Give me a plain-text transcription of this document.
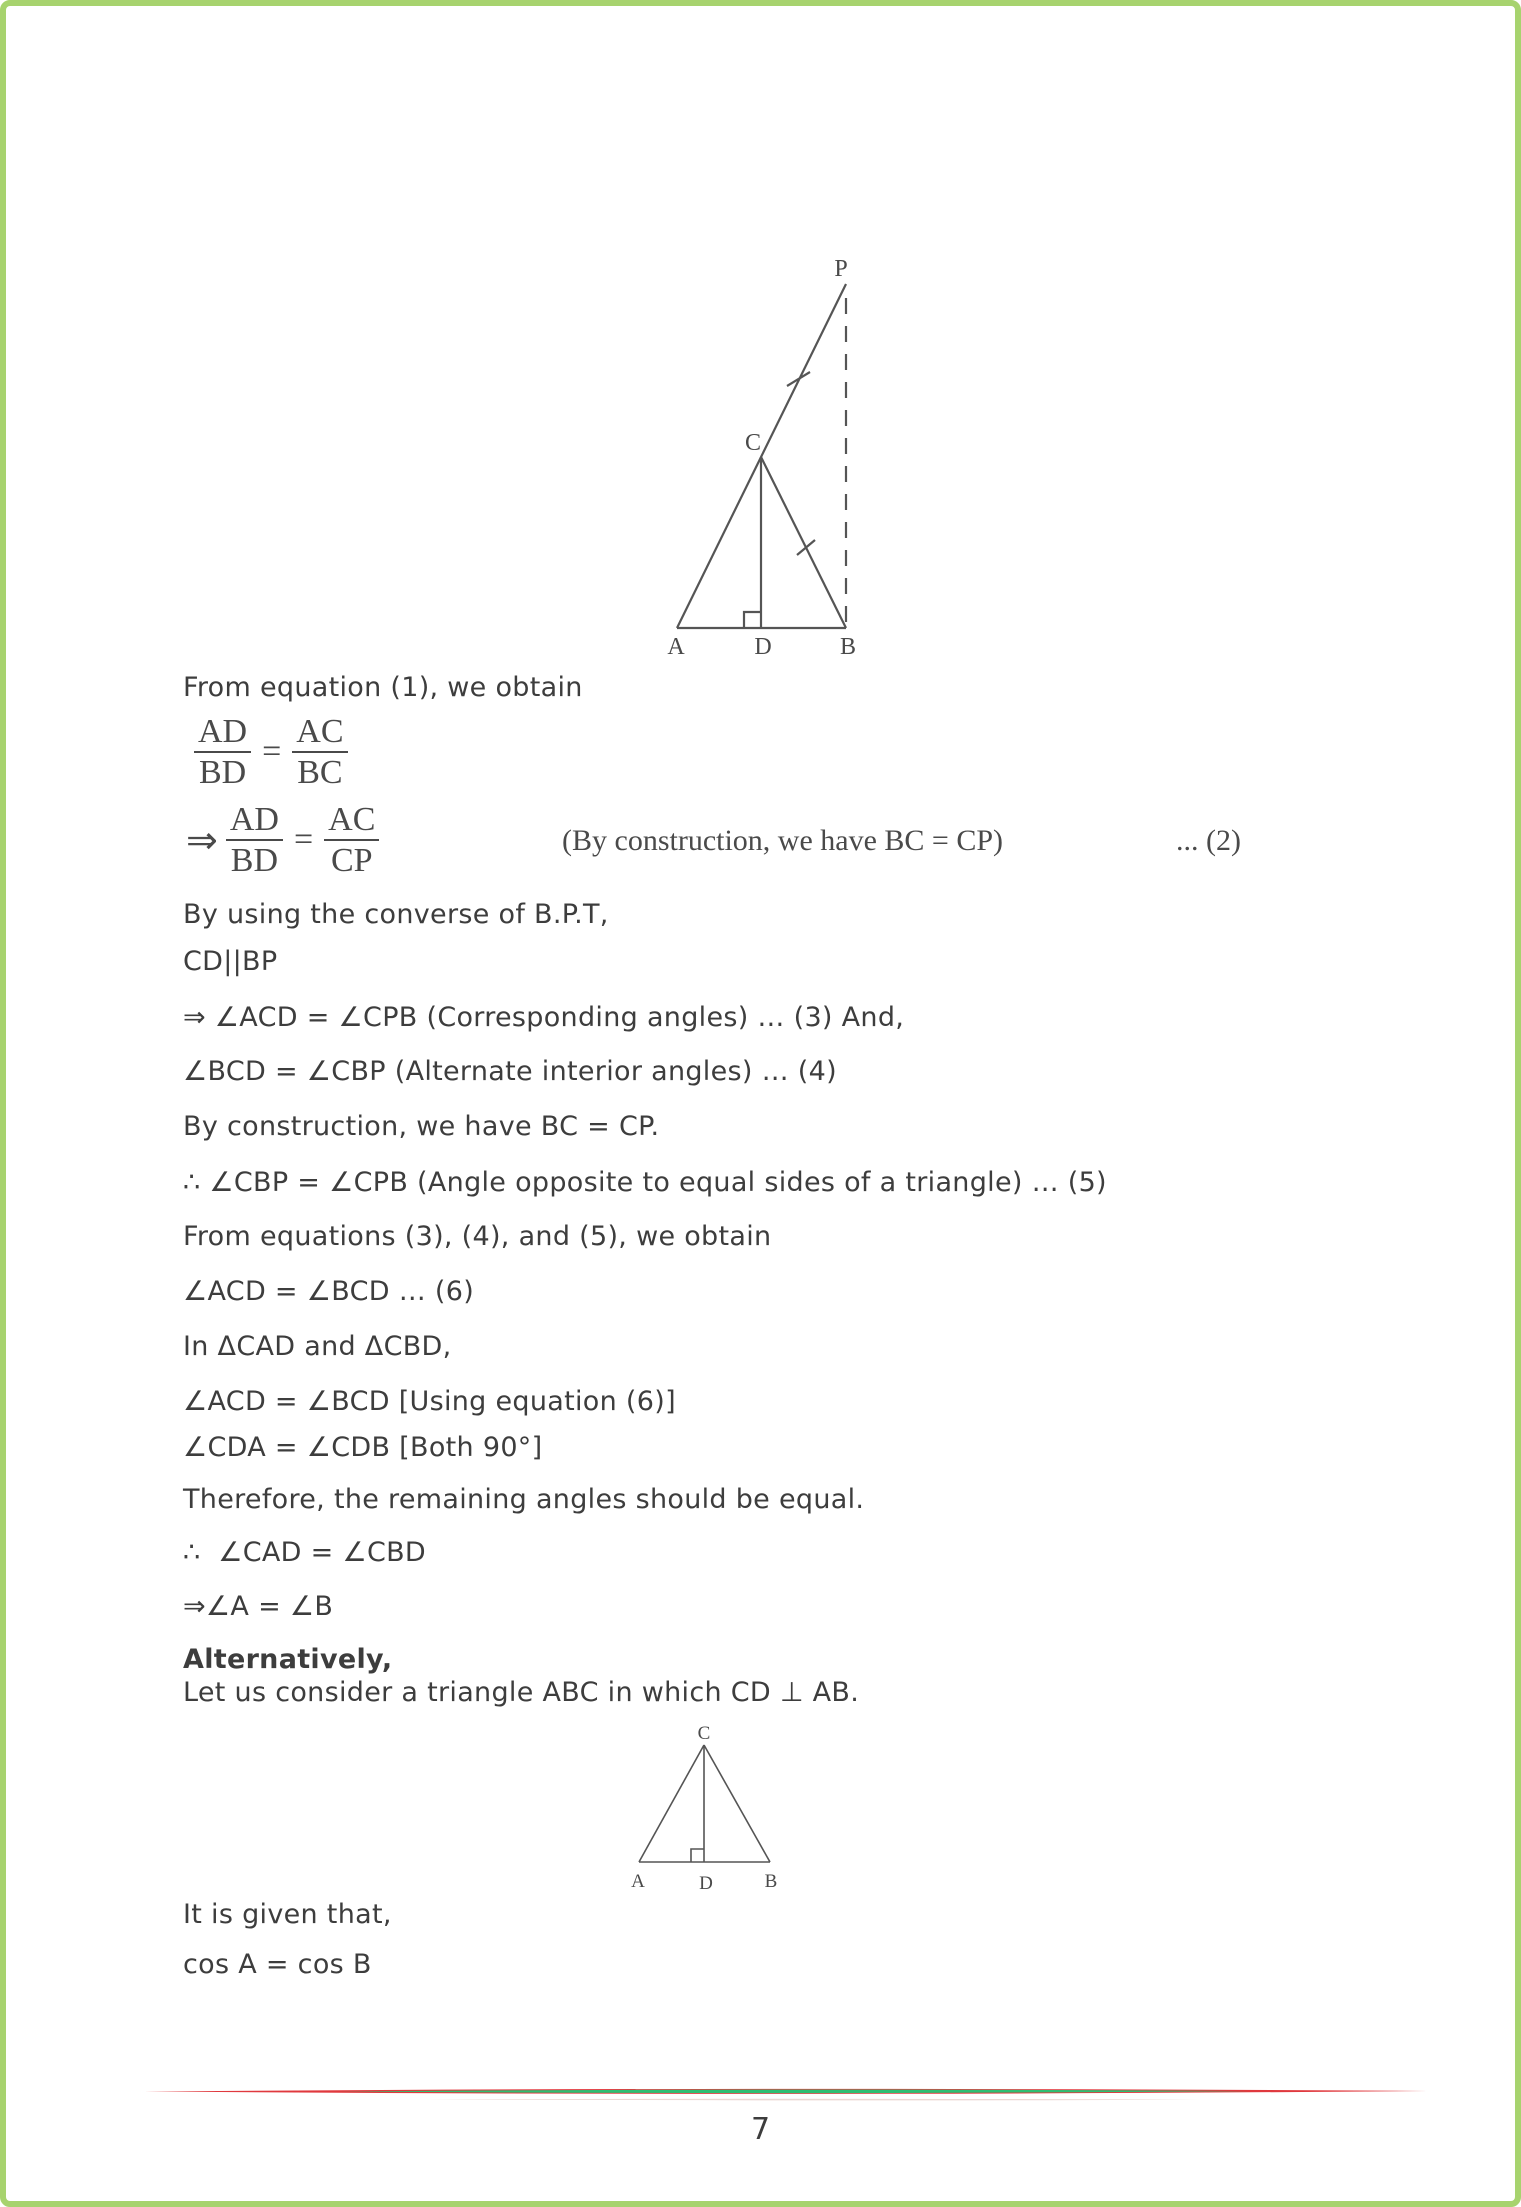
P
C
A	D	B
From equation (1), we obtain
$\frac{AD}{BD} = \frac{AC}{BC}$
⇒ $\frac{AD}{BD} = \frac{AC}{CP}$	(By construction, we have BC = CP)	... (2)
By using the converse of B.P.T,
CD||BP
⇒ ∠ACD = ∠CPB (Corresponding angles) … (3) And,
∠BCD = ∠CBP (Alternate interior angles) … (4)
By construction, we have BC = CP.
∴ ∠CBP = ∠CPB (Angle opposite to equal sides of a triangle) … (5)
From equations (3), (4), and (5), we obtain
∠ACD = ∠BCD … (6)
In ΔCAD and ΔCBD,
∠ACD = ∠BCD [Using equation (6)]
∠CDA = ∠CDB [Both 90°]
Therefore, the remaining angles should be equal.
∴  ∠CAD = ∠CBD
⇒∠A = ∠B
Alternatively,
Let us consider a triangle ABC in which CD ⊥ AB.
C
A	D	B
It is given that,
cos A = cos B
7
